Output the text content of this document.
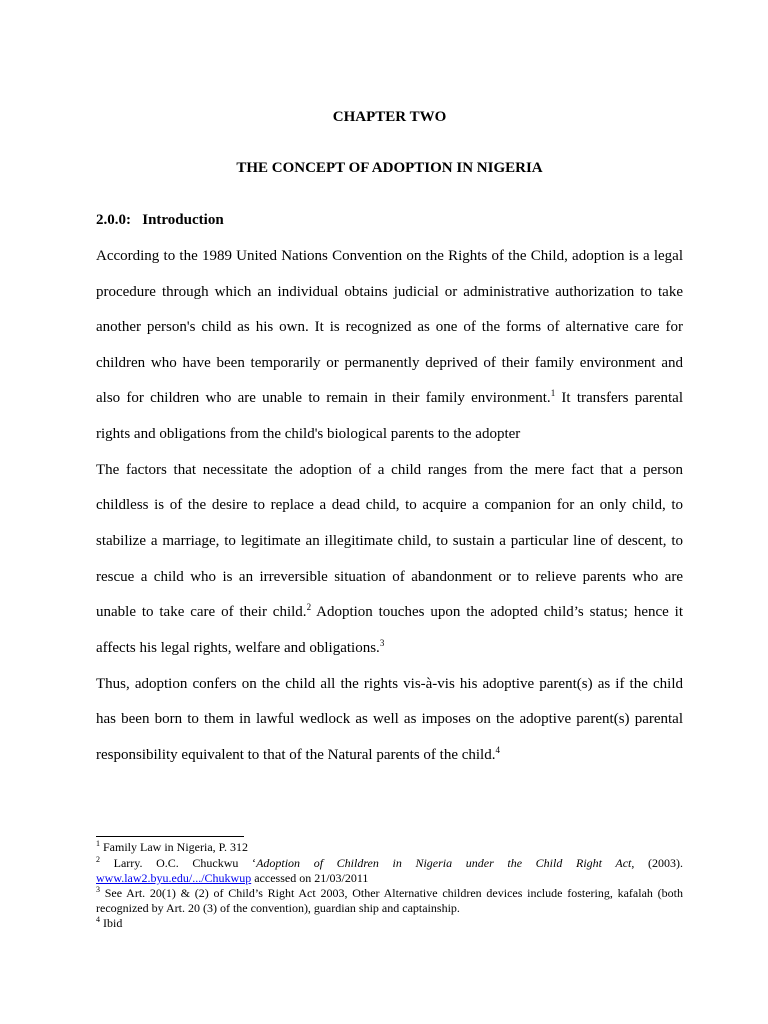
CHAPTER TWO
THE CONCEPT OF ADOPTION IN NIGERIA
2.0.0: Introduction
According to the 1989 United Nations Convention on the Rights of the Child, adoption is a legal
procedure through which an individual obtains judicial or administrative authorization to take
another person's child as his own. It is recognized as one of the forms of alternative care for
children who have been temporarily or permanently deprived of their family environment and
also for children who are unable to remain in their family environment.$^1$ It transfers parental
rights and obligations from the child's biological parents to the adopter
The factors that necessitate the adoption of a child ranges from the mere fact that a person
childless is of the desire to replace a dead child, to acquire a companion for an only child, to
stabilize a marriage, to legitimate an illegitimate child, to sustain a particular line of descent, to
rescue a child who is an irreversible situation of abandonment or to relieve parents who are
unable to take care of their child.$^2$ Adoption touches upon the adopted child’s status; hence it
affects his legal rights, welfare and obligations.$^3$
Thus, adoption confers on the child all the rights vis-à-vis his adoptive parent(s) as if the child
has been born to them in lawful wedlock as well as imposes on the adoptive parent(s) parental
responsibility equivalent to that of the Natural parents of the child.$^4$
$^1$ Family Law in Nigeria, P. 312
$^2$ Larry. O.C. Chuckwu ‘Adoption of Children in Nigeria under the Child Right Act, (2003).
www.law2.byu.edu/.../Chukwup accessed on 21/03/2011
$^3$ See Art. 20(1) & (2) of Child’s Right Act 2003, Other Alternative children devices include fostering, kafalah (both
recognized by Art. 20 (3) of the convention), guardian ship and captainship.
$^4$ Ibid
